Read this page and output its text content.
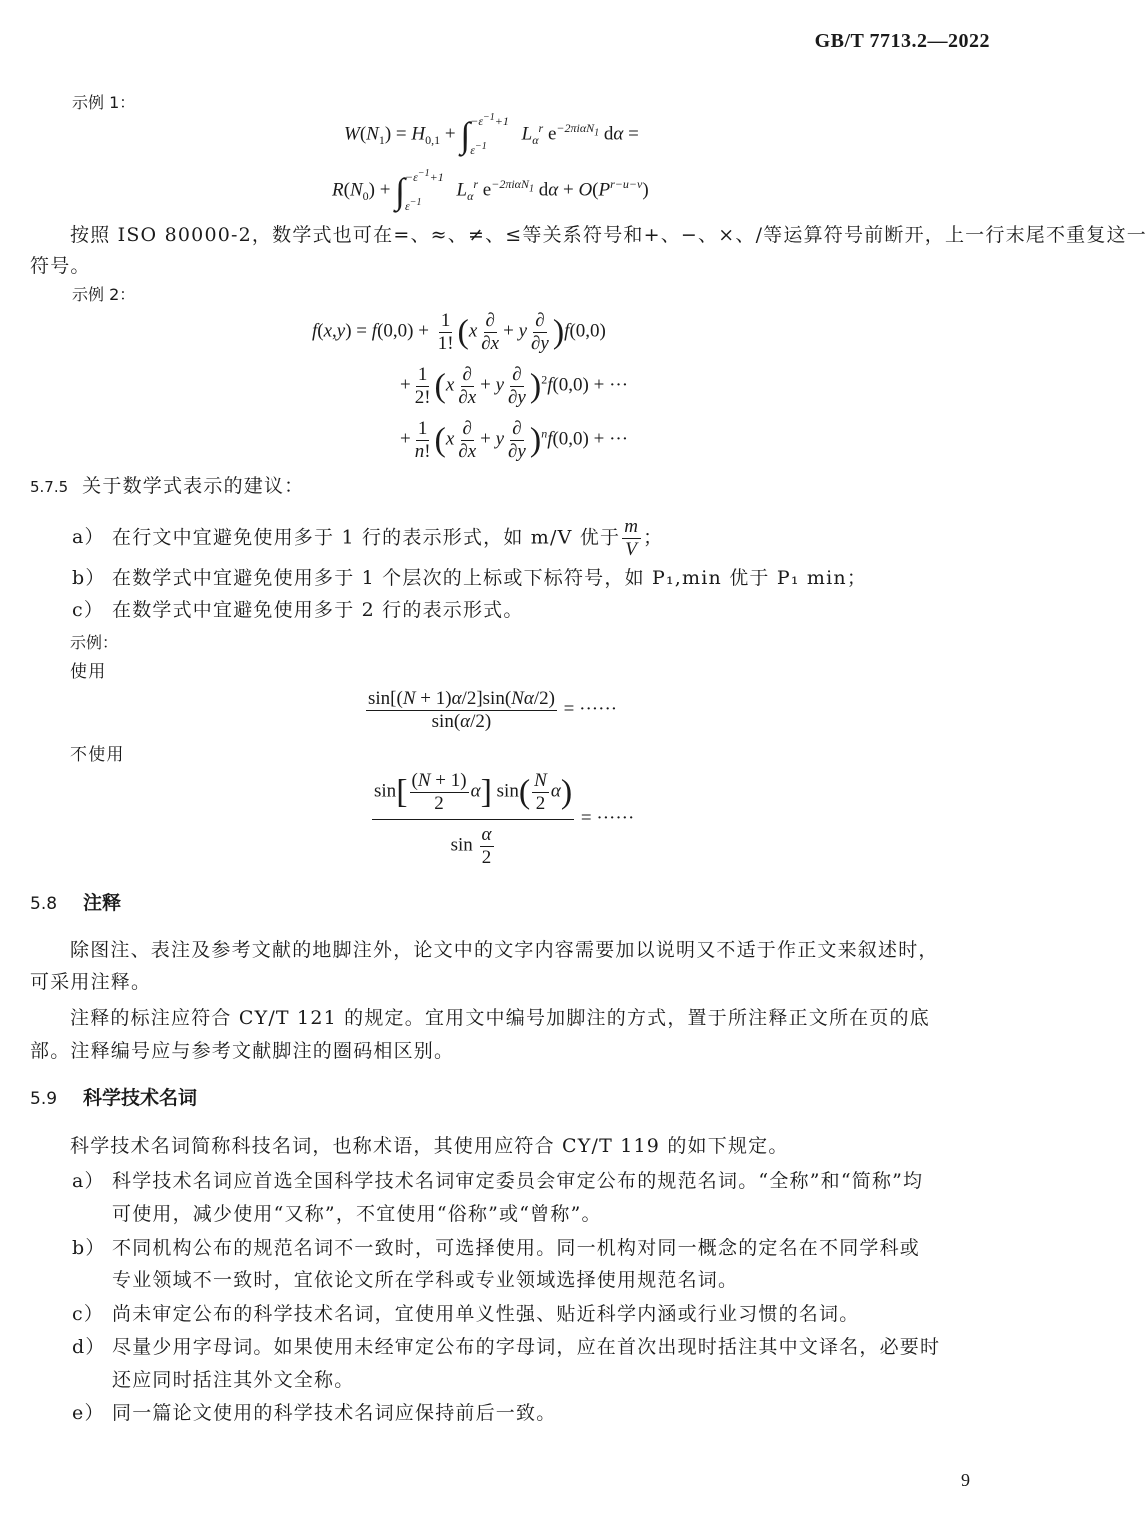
GB/T 7713.2—2022
示例 1：
$W(N_1) = H_{0,1}$ + ∫ $-\varepsilon^{-1}+1$
$\varepsilon^{-1}$
$L_\alpha^r$ $e^{-2\pi i\alpha N_1}$ dα =
$R(N_0)$ + ∫ $-\varepsilon^{-1}+1$
$\varepsilon^{-1}$
$L_\alpha^r$ $e^{-2\pi i\alpha N_1}$ $d\alpha + O(P^{r-u-v})$
按照 ISO 80000-2，数学式也可在=、≈、≠、≤等关系符号和+、−、×、/等运算符号前断开，上一行末尾不重复这一
符号。
示例 2：
$f(x,y) = f(0,0) + \frac{1}{1!} (x \frac{\partial}{\partial x} + y \frac{\partial}{\partial y} )f(0,0)$
+ $\frac{1}{2!} (x \frac{\partial}{\partial x} + y \frac{\partial}{\partial y} )^2f(0,0)$ + ···
+ $\frac{1}{n!} (x \frac{\partial}{\partial x} + y \frac{\partial}{\partial y} )^nf(0,0)$ + ···
5.7.5 关于数学式表示的建议：
a） 在行文中宜避免使用多于 1 行的表示形式，如 m/V 优于 $\frac{m}{V}$ ；
b） 在数学式中宜避免使用多于 1 个层次的上标或下标符号，如 P₁,min 优于 P₁ min；
c） 在数学式中宜避免使用多于 2 行的表示形式。
示例：
使用
$\frac{\sin[(N + 1)\alpha/2]\sin(N\alpha/2)}{\sin(\alpha/2)}$ = ······
不使用
$\frac{\sin[ \frac{(N + 1)}{2} \alpha] \sin( \frac{N}{2} \alpha)}{\sin \frac{\alpha}{2}}$ = ······
5.8 注释
除图注、表注及参考文献的地脚注外，论文中的文字内容需要加以说明又不适于作正文来叙述时，
可采用注释。
注释的标注应符合 CY/T 121 的规定。宜用文中编号加脚注的方式，置于所注释正文所在页的底
部。注释编号应与参考文献脚注的圈码相区别。
5.9 科学技术名词
科学技术名词简称科技名词，也称术语，其使用应符合 CY/T 119 的如下规定。
a） 科学技术名词应首选全国科学技术名词审定委员会审定公布的规范名词。“全称”和“简称”均
可使用，减少使用“又称”，不宜使用“俗称”或“曾称”。
b） 不同机构公布的规范名词不一致时，可选择使用。同一机构对同一概念的定名在不同学科或
专业领域不一致时，宜依论文所在学科或专业领域选择使用规范名词。
c） 尚未审定公布的科学技术名词，宜使用单义性强、贴近科学内涵或行业习惯的名词。
d） 尽量少用字母词。如果使用未经审定公布的字母词，应在首次出现时括注其中文译名，必要时
还应同时括注其外文全称。
e） 同一篇论文使用的科学技术名词应保持前后一致。
9
